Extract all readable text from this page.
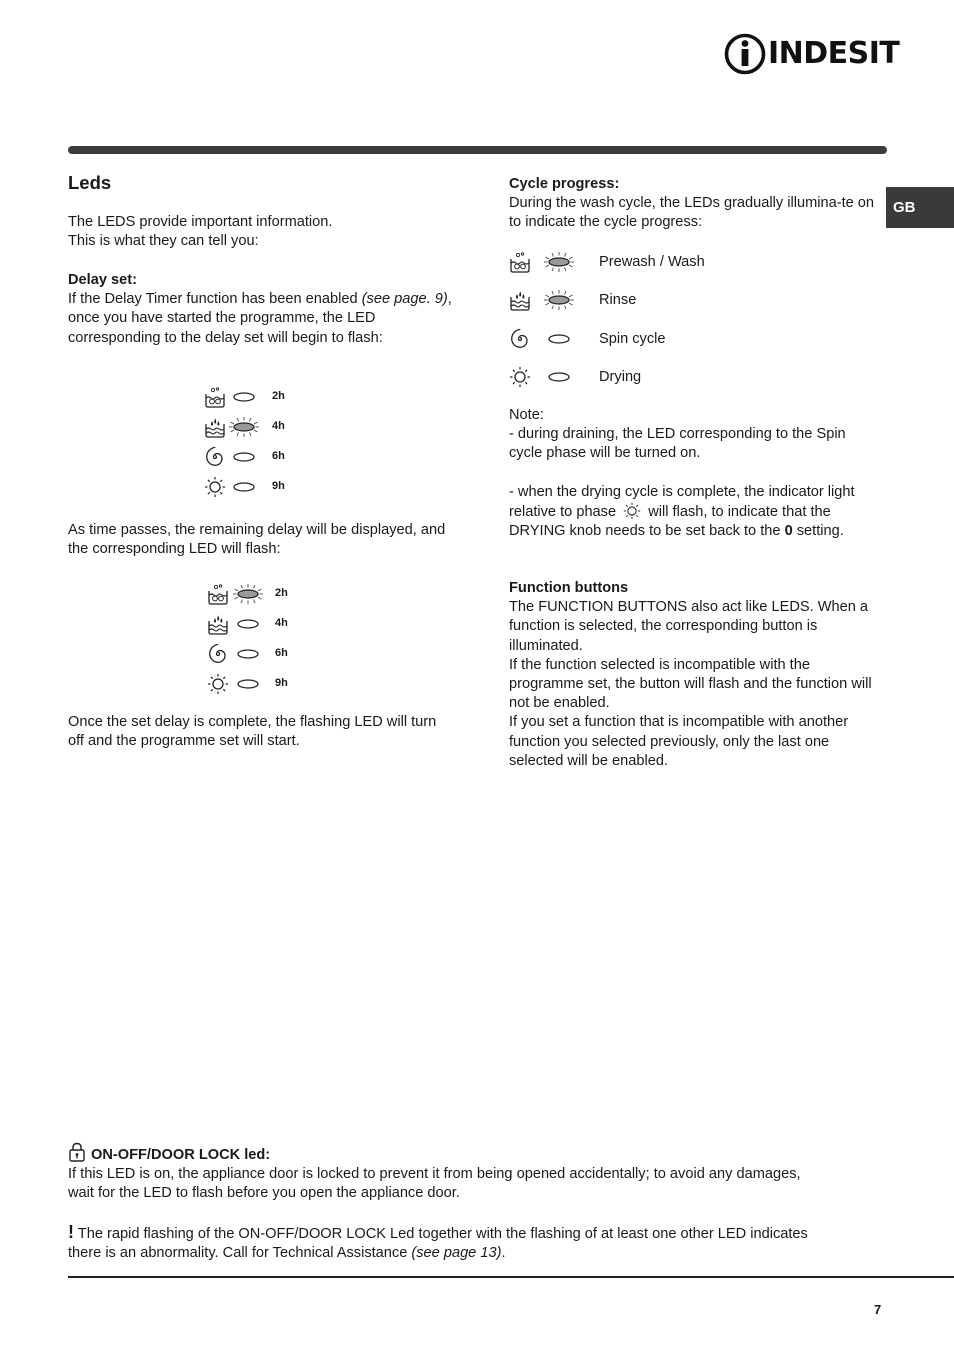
INDESIT
GB
Leds

The LEDS provide important information.

This is what they can tell you:

Delay set:

If the Delay Timer function has been enabled (see page. 9), once you have started the programme, the LED corresponding to the delay set will begin to flash:

2h
4h
6h
9h

As time passes, the remaining delay will be displayed, and the corresponding LED will flash:

2h
4h
6h
9h

Once the set delay is complete, the flashing LED will turn off and the programme set will start.

Cycle progress:

During the wash cycle, the LEDs gradually illumina-te on to indicate the cycle progress:

Prewash / Wash
Rinse
Spin cycle
Drying

Note:

- during draining, the LED corresponding to the Spin cycle phase will be turned on.

- when the drying cycle is complete, the indicator light relative to phase  will flash, to indicate that the DRYING knob needs to be set back to the 0 setting.

Function buttons

The FUNCTION BUTTONS also act like LEDS. When a function is selected, the corresponding button is illuminated.

If the function selected is incompatible with the programme set, the button will flash and the function will not be enabled.

If you set a function that is incompatible with another function you selected previously, only the last one selected will be enabled.

ON-OFF/DOOR LOCK led:

If this LED is on, the appliance door is locked to prevent it from being opened accidentally; to avoid any damages, wait for the LED to flash before you open the appliance door.

! The rapid flashing of the ON-OFF/DOOR LOCK Led together with the flashing of at least one other LED indicates there is an abnormality. Call for Technical Assistance (see page 13).

7
